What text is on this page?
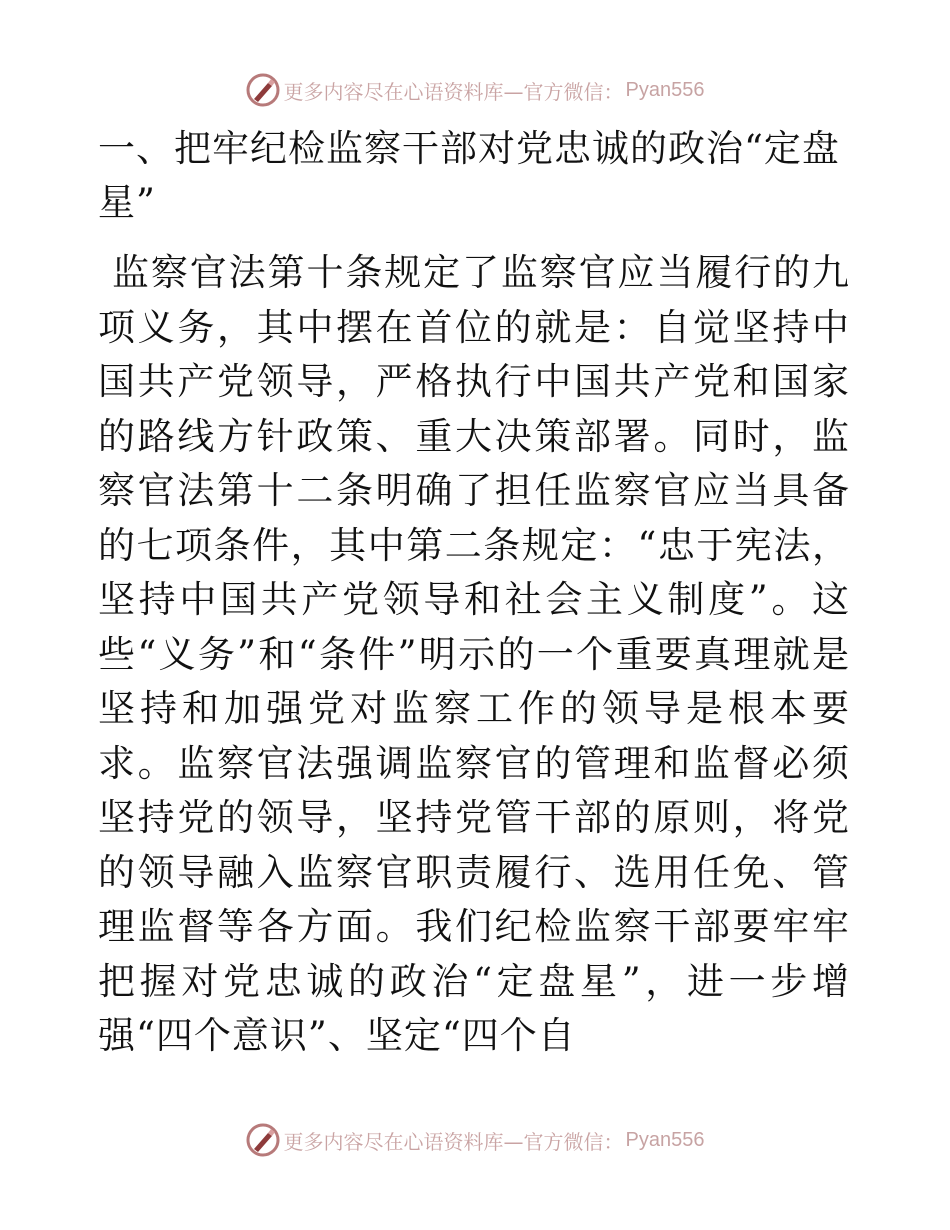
更多内容尽在心语资料库—官方微信： Pyan556
一、把牢纪检监察干部对党忠诚的政治“定盘星”

监察官法第十条规定了监察官应当履行的九项义务，其中摆在首位的就是：自觉坚持中国共产党领导，严格执行中国共产党和国家的路线方针政策、重大决策部署。同时，监察官法第十二条明确了担任监察官应当具备的七项条件，其中第二条规定：“忠于宪法，坚持中国共产党领导和社会主义制度”。这些“义务”和“条件”明示的一个重要真理就是坚持和加强党对监察工作的领导是根本要求。监察官法强调监察官的管理和监督必须坚持党的领导，坚持党管干部的原则，将党的领导融入监察官职责履行、选用任免、管理监督等各方面。我们纪检监察干部要牢牢把握对党忠诚的政治“定盘星”，进一步增强“四个意识”、坚定“四个自

更多内容尽在心语资料库—官方微信： Pyan556
